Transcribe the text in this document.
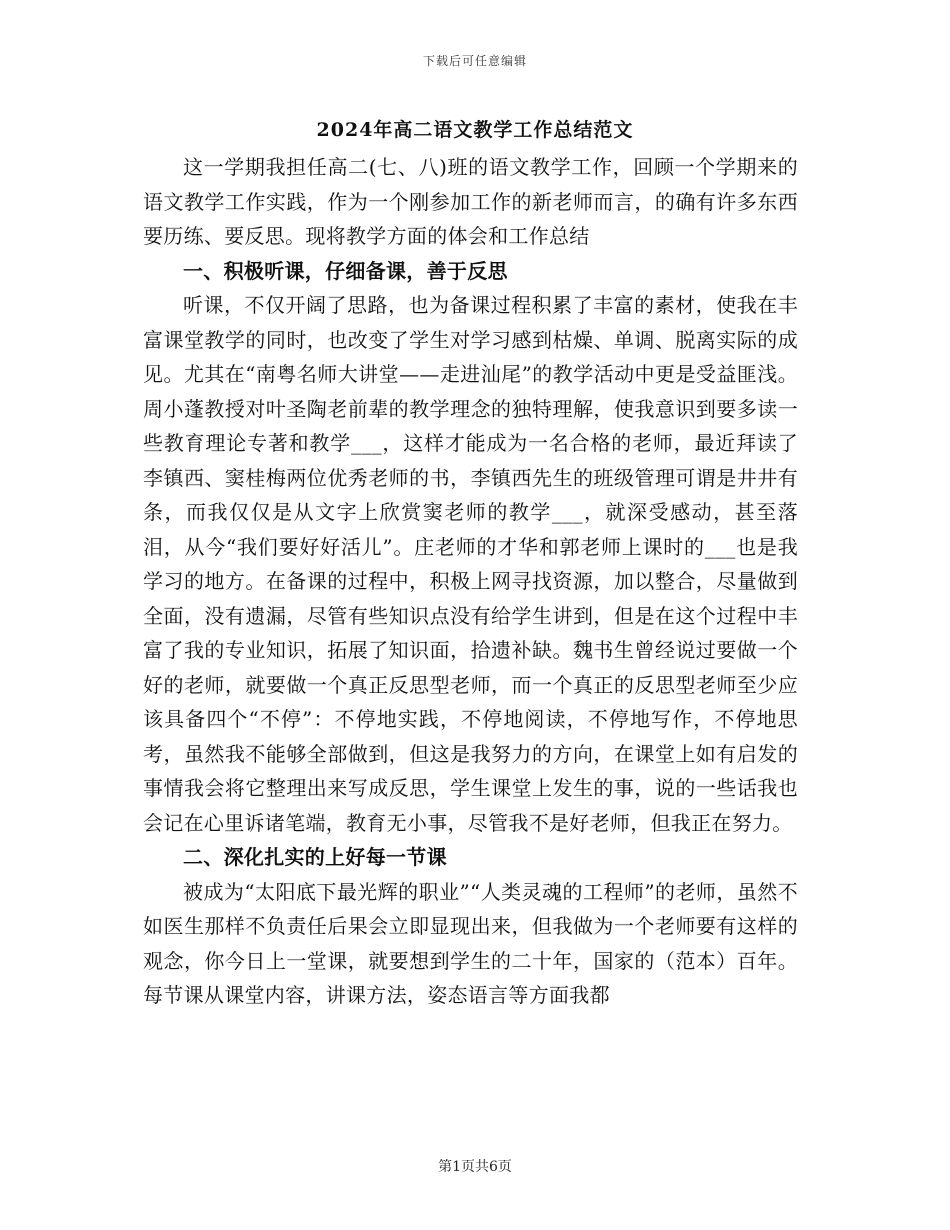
下载后可任意编辑
2024年高二语文教学工作总结范文

这一学期我担任高二(七、八)班的语文教学工作，回顾一个学期来的语文教学工作实践，作为一个刚参加工作的新老师而言，的确有许多东西要历练、要反思。现将教学方面的体会和工作总结

一、积极听课，仔细备课，善于反思

听课，不仅开阔了思路，也为备课过程积累了丰富的素材，使我在丰富课堂教学的同时，也改变了学生对学习感到枯燥、单调、脱离实际的成见。尤其在“南粤名师大讲堂——走进汕尾”的教学活动中更是受益匪浅。周小蓬教授对叶圣陶老前辈的教学理念的独特理解，使我意识到要多读一些教育理论专著和教学___，这样才能成为一名合格的老师，最近拜读了李镇西、窦桂梅两位优秀老师的书，李镇西先生的班级管理可谓是井井有条，而我仅仅是从文字上欣赏窦老师的教学___，就深受感动，甚至落泪，从今“我们要好好活儿”。庄老师的才华和郭老师上课时的___也是我学习的地方。在备课的过程中，积极上网寻找资源，加以整合，尽量做到全面，没有遗漏，尽管有些知识点没有给学生讲到，但是在这个过程中丰富了我的专业知识，拓展了知识面，拾遗补缺。魏书生曾经说过要做一个好的老师，就要做一个真正反思型老师，而一个真正的反思型老师至少应该具备四个“不停”：不停地实践，不停地阅读，不停地写作，不停地思考，虽然我不能够全部做到，但这是我努力的方向，在课堂上如有启发的事情我会将它整理出来写成反思，学生课堂上发生的事，说的一些话我也会记在心里诉诸笔端，教育无小事，尽管我不是好老师，但我正在努力。

二、深化扎实的上好每一节课

被成为“太阳底下最光辉的职业”“人类灵魂的工程师”的老师，虽然不如医生那样不负责任后果会立即显现出来，但我做为一个老师要有这样的观念，你今日上一堂课，就要想到学生的二十年，国家的（范本）百年。每节课从课堂内容，讲课方法，姿态语言等方面我都

第1页共6页
